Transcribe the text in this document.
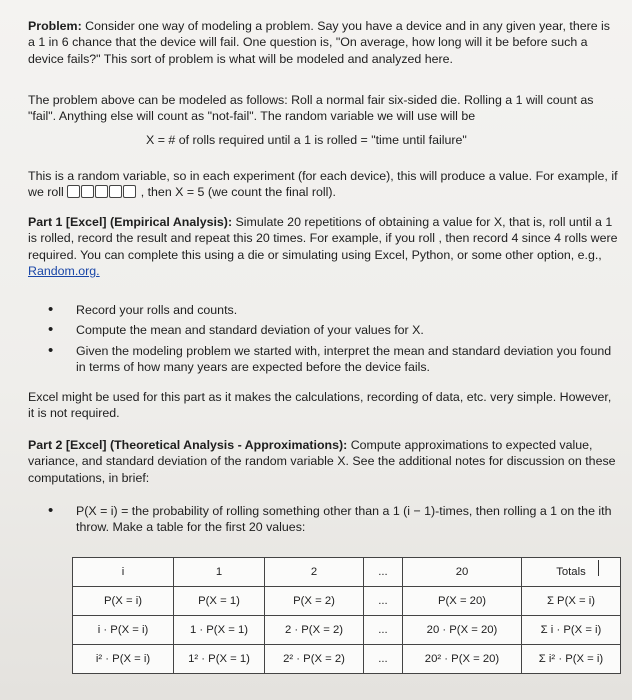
Problem: Consider one way of modeling a problem. Say you have a device and in any given year, there is a 1 in 6 chance that the device will fail. One question is, "On average, how long will it be before such a device fails?" This sort of problem is what will be modeled and analyzed here.

The problem above can be modeled as follows: Roll a normal fair six-sided die. Rolling a 1 will count as "fail". Anything else will count as "not-fail". The random variable we will use will be

X = # of rolls required until a 1 is rolled = "time until failure"

This is a random variable, so in each experiment (for each device), this will produce a value. For example, if we roll	, then X = 5 (we count the final roll).

Part 1 [Excel] (Empirical Analysis): Simulate 20 repetitions of obtaining a value for X, that is, roll until a 1 is rolled, record the result and repeat this 20 times. For example, if you roll , then record 4 since 4 rolls were required. You can complete this using a die or simulating using Excel, Python, or some other option, e.g., Random.org.

• Record your rolls and counts.
• Compute the mean and standard deviation of your values for X.
• Given the modeling problem we started with, interpret the mean and standard deviation you found in terms of how many years are expected before the device fails.

Excel might be used for this part as it makes the calculations, recording of data, etc. very simple. However, it is not required.

Part 2 [Excel] (Theoretical Analysis - Approximations): Compute approximations to expected value, variance, and standard deviation of the random variable X. See the additional notes for discussion on these computations, in brief:

• P(X = i) = the probability of rolling something other than a 1 (i − 1)-times, then rolling a 1 on the ith throw. Make a table for the first 20 values:
i	1	2	...	20	Totals
P(X = i)	P(X = 1)	P(X = 2)	...	P(X = 20)	Σ P(X = i)
i · P(X = i)	1 · P(X = 1)	2 · P(X = 2)	...	20 · P(X = 20)	Σ i · P(X = i)
i² · P(X = i)	1² · P(X = 1)	2² · P(X = 2)	...	20² · P(X = 20)	Σ i² · P(X = i)
